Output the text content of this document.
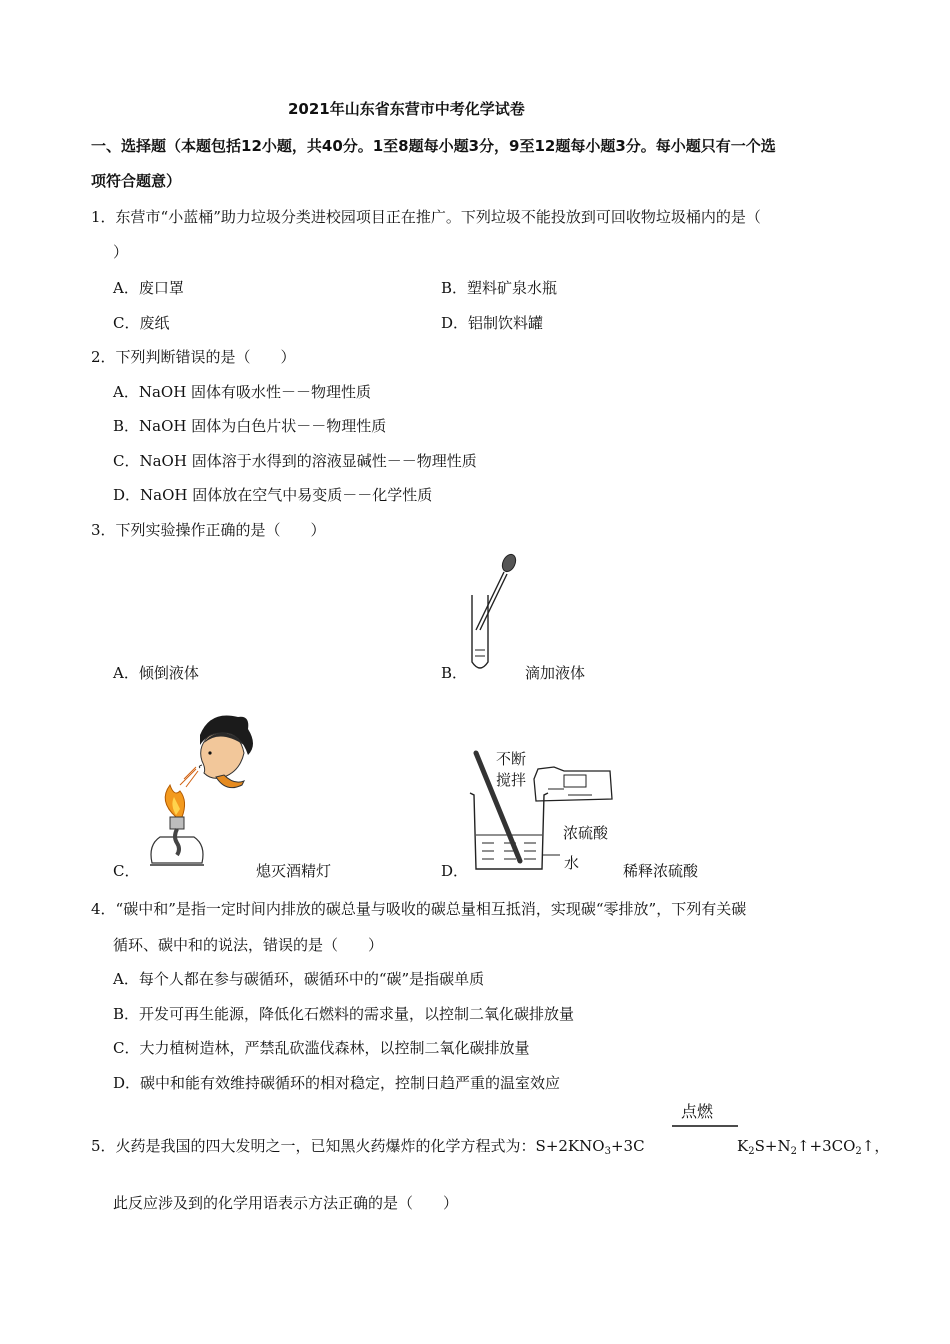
2021年山东省东营市中考化学试卷
一、选择题（本题包括12小题，共40分。1至8题每小题3分，9至12题每小题3分。每小题只有一个选
项符合题意）
1．东营市“小蓝桶”助力垃圾分类进校园项目正在推广。下列垃圾不能投放到可回收物垃圾桶内的是（
）
A．废口罩	B．塑料矿泉水瓶
C．废纸	D．铝制饮料罐
2．下列判断错误的是（　　）
A．NaOH 固体有吸水性－－物理性质
B．NaOH 固体为白色片状－－物理性质
C．NaOH 固体溶于水得到的溶液显碱性－－物理性质
D．NaOH 固体放在空气中易变质－－化学性质
3．下列实验操作正确的是（　　）
A．倾倒液体	B．	滴加液体
C．	熄灭酒精灯
不断
搅拌
浓硫酸
水
D．	稀释浓硫酸
4．“碳中和”是指一定时间内排放的碳总量与吸收的碳总量相互抵消，实现碳“零排放”，下列有关碳
循环、碳中和的说法，错误的是（　　）
A．每个人都在参与碳循环，碳循环中的“碳”是指碳单质
B．开发可再生能源，降低化石燃料的需求量，以控制二氧化碳排放量
C．大力植树造林，严禁乱砍滥伐森林，以控制二氧化碳排放量
D．碳中和能有效维持碳循环的相对稳定，控制日趋严重的温室效应
点燃
5．火药是我国的四大发明之一，已知黑火药爆炸的化学方程式为：$S+2KNO_3+3C$	$K_2S+N_2↑+3CO_2↑$，
此反应涉及到的化学用语表示方法正确的是（　　）
